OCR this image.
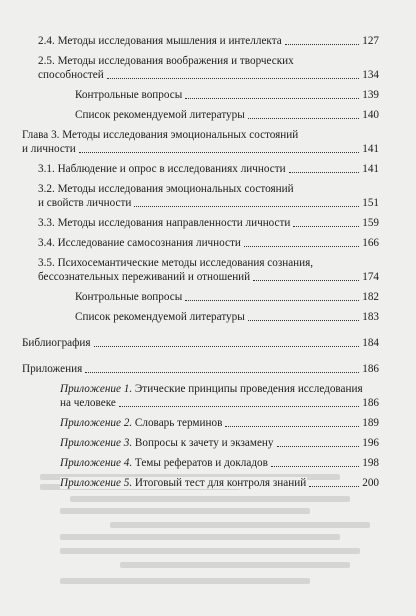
2.4. Методы исследования мышления и интеллекта	127
2.5. Методы исследования воображения и творческих
способностей	134
Контрольные вопросы	139
Список рекомендуемой литературы	140
Глава 3. Методы исследования эмоциональных состояний
и личности	141
3.1. Наблюдение и опрос в исследованиях личности	141
3.2. Методы исследования эмоциональных состояний
и свойств личности	151
3.3. Методы исследования направленности личности	159
3.4. Исследование самосознания личности	166
3.5. Психосемантические методы исследования сознания,
бессознательных переживаний и отношений	174
Контрольные вопросы	182
Список рекомендуемой литературы	183
Библиография	184
Приложения	186
Приложение 1. Этические принципы проведения исследования
на человеке	186
Приложение 2. Словарь терминов	189
Приложение 3. Вопросы к зачету и экзамену	196
Приложение 4. Темы рефератов и докладов	198
Приложение 5. Итоговый тест для контроля знаний	200
